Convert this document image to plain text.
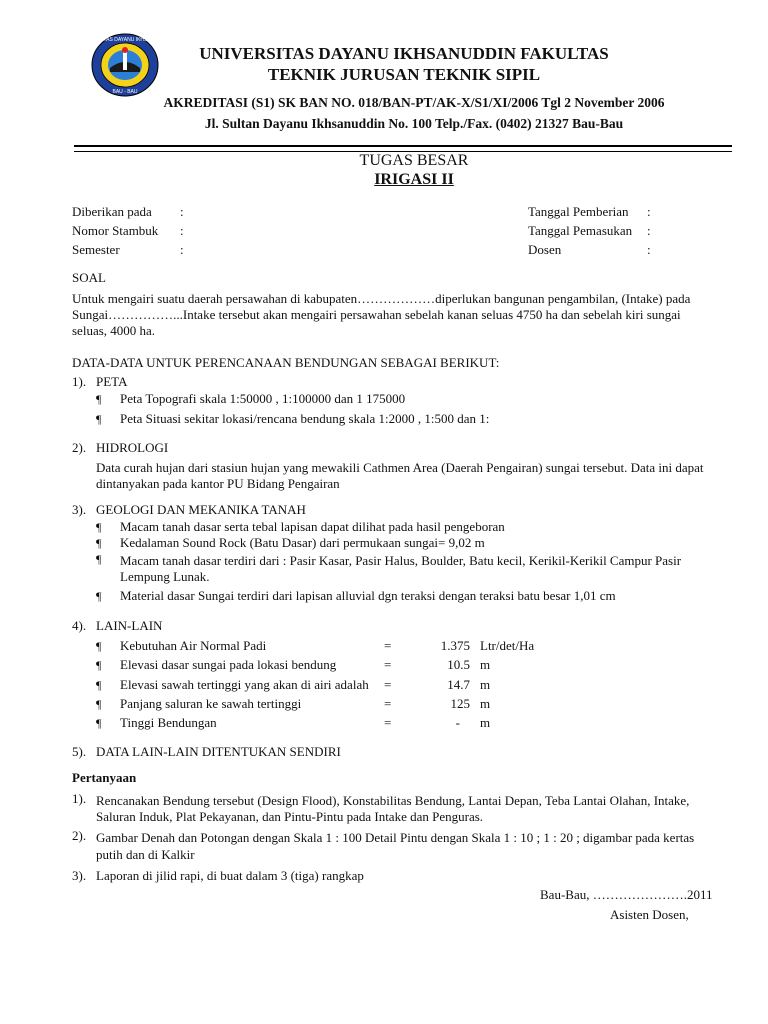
UNIVERSITAS DAYANU IKHSANUDDIN
BAU - BAU
UNIVERSITAS DAYANU IKHSANUDDIN FAKULTAS
TEKNIK JURUSAN TEKNIK SIPIL
AKREDITASI (S1) SK BAN NO. 018/BAN-PT/AK-X/S1/XI/2006 Tgl 2 November 2006
Jl. Sultan Dayanu Ikhsanuddin No. 100 Telp./Fax. (0402) 21327 Bau-Bau
TUGAS BESAR
IRIGASI II
Diberikan pada :
Nomor Stambuk :
Semester	:
Tanggal Pemberian :
Tanggal Pemasukan :
Dosen	:
SOAL
Untuk mengairi suatu daerah persawahan di kabupaten………………diperlukan bangunan pengambilan, (Intake) pada
Sungai……………...Intake tersebut akan mengairi persawahan sebelah kanan seluas 4750 ha dan sebelah kiri sungai
seluas, 4000 ha.
DATA-DATA UNTUK PERENCANAAN BENDUNGAN SEBAGAI BERIKUT:
1). PETA
¶ Peta Topografi skala 1:50000 , 1:100000 dan 1 175000
¶ Peta Situasi sekitar lokasi/rencana bendung skala 1:2000 , 1:500 dan 1:
2). HIDROLOGI
Data curah hujan dari stasiun hujan yang mewakili Cathmen Area (Daerah Pengairan) sungai tersebut. Data ini dapat
dintanyakan pada kantor PU Bidang Pengairan
3). GEOLOGI DAN MEKANIKA TANAH
¶ Macam tanah dasar serta tebal lapisan dapat dilihat pada hasil pengeboran
¶ Kedalaman Sound Rock (Batu Dasar) dari permukaan sungai= 9,02 m
¶ Macam tanah dasar terdiri dari : Pasir Kasar, Pasir Halus, Boulder, Batu kecil, Kerikil-Kerikil Campur Pasir
Lempung Lunak.
¶ Material dasar Sungai terdiri dari lapisan alluvial dgn teraksi dengan teraksi batu besar 1,01 cm
4). LAIN-LAIN
¶ Kebutuhan Air Normal Padi	=	1.375 Ltr/det/Ha
¶ Elevasi dasar sungai pada lokasi bendung	=	10.5 m
¶ Elevasi sawah tertinggi yang akan di airi adalah =	14.7 m
¶ Panjang saluran ke sawah tertinggi	=	125 m
¶ Tinggi Bendungan	=	- m
5). DATA LAIN-LAIN DITENTUKAN SENDIRI
Pertanyaan
1). Rencanakan Bendung tersebut (Design Flood), Konstabilitas Bendung, Lantai Depan, Teba Lantai Olahan, Intake,
Saluran Induk, Plat Pekayanan, dan Pintu-Pintu pada Intake dan Penguras.
2). Gambar Denah dan Potongan dengan Skala 1 : 100 Detail Pintu dengan Skala 1 : 10 ; 1 : 20 ; digambar pada kertas
putih dan di Kalkir
3). Laporan di jilid rapi, di buat dalam 3 (tiga) rangkap
Bau-Bau, ………………….2011
Asisten Dosen,
